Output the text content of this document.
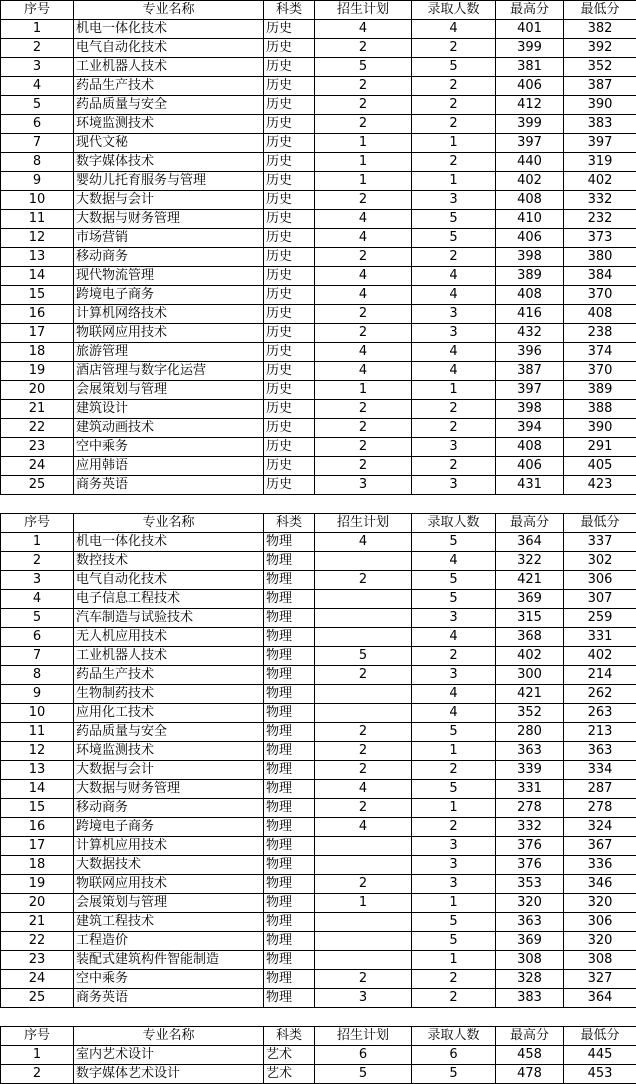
序号	专业名称	科类	招生计划	录取人数	最高分	最低分
1	机电一体化技术	历史	4	4	401	382
2	电气自动化技术	历史	2	2	399	392
3	工业机器人技术	历史	5	5	381	352
4	药品生产技术	历史	2	2	406	387
5	药品质量与安全	历史	2	2	412	390
6	环境监测技术	历史	2	2	399	383
7	现代文秘	历史	1	1	397	397
8	数字媒体技术	历史	1	2	440	319
9	婴幼儿托育服务与管理	历史	1	1	402	402
10	大数据与会计	历史	2	3	408	332
11	大数据与财务管理	历史	4	5	410	232
12	市场营销	历史	4	5	406	373
13	移动商务	历史	2	2	398	380
14	现代物流管理	历史	4	4	389	384
15	跨境电子商务	历史	4	4	408	370
16	计算机网络技术	历史	2	3	416	408
17	物联网应用技术	历史	2	3	432	238
18	旅游管理	历史	4	4	396	374
19	酒店管理与数字化运营	历史	4	4	387	370
20	会展策划与管理	历史	1	1	397	389
21	建筑设计	历史	2	2	398	388
22	建筑动画技术	历史	2	2	394	390
23	空中乘务	历史	2	3	408	291
24	应用韩语	历史	2	2	406	405
25	商务英语	历史	3	3	431	423
序号	专业名称	科类	招生计划	录取人数	最高分	最低分
1	机电一体化技术	物理	4	5	364	337
2	数控技术	物理		4	322	302
3	电气自动化技术	物理	2	5	421	306
4	电子信息工程技术	物理		5	369	307
5	汽车制造与试验技术	物理		3	315	259
6	无人机应用技术	物理		4	368	331
7	工业机器人技术	物理	5	2	402	402
8	药品生产技术	物理	2	3	300	214
9	生物制药技术	物理		4	421	262
10	应用化工技术	物理		4	352	263
11	药品质量与安全	物理	2	5	280	213
12	环境监测技术	物理	2	1	363	363
13	大数据与会计	物理	2	2	339	334
14	大数据与财务管理	物理	4	5	331	287
15	移动商务	物理	2	1	278	278
16	跨境电子商务	物理	4	2	332	324
17	计算机应用技术	物理		3	376	367
18	大数据技术	物理		3	376	336
19	物联网应用技术	物理	2	3	353	346
20	会展策划与管理	物理	1	1	320	320
21	建筑工程技术	物理		5	363	306
22	工程造价	物理		5	369	320
23	装配式建筑构件智能制造	物理		1	308	308
24	空中乘务	物理	2	2	328	327
25	商务英语	物理	3	2	383	364
序号	专业名称	科类	招生计划	录取人数	最高分	最低分
1	室内艺术设计	艺术	6	6	458	445
2	数字媒体艺术设计	艺术	5	5	478	453
